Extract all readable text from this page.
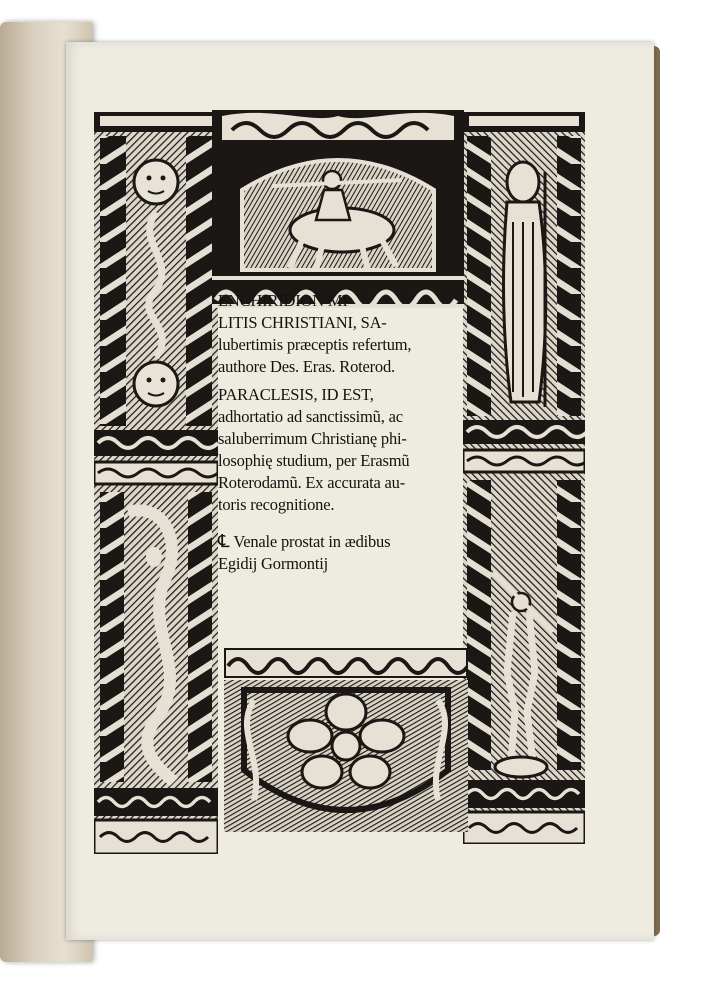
ENCHIRIDION MI-

LITIS CHRISTIANI, SA-

lubertimis præceptis refertum,

authore Des. Eras. Roterod.

PARACLESIS, ID EST,

adhortatio ad sanctissimũ, ac

saluberrimum Christianę phi-

losophię studium, per Erasmũ

Roterodamũ. Ex accurata au-

toris recognitione.

℄ Venale prostat in ædibus

Egidij Gormontij
